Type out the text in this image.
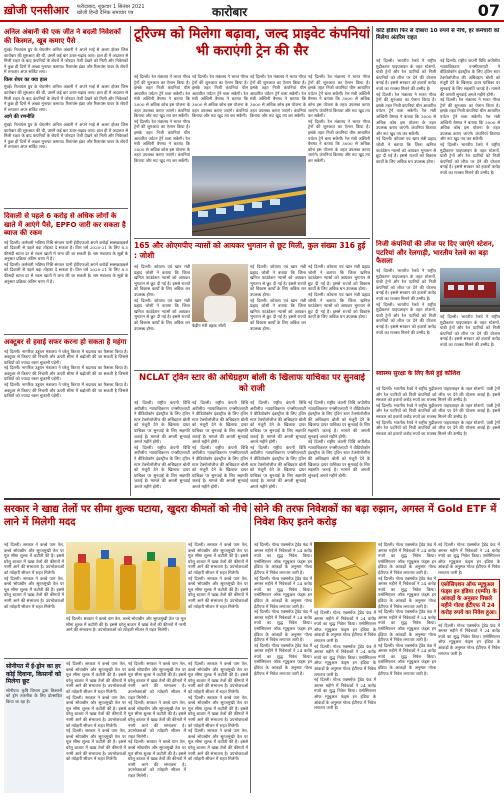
ख़ोजी एनसीआर फरीदाबाद, शुक्रवार 1 सितंबर 2021
खोजी हिन्दी दैनिक समाचार पत्र	कारोबार	07
अनिल अंबानी की एक जीत ने बदली निवेशकों की किस्मत, खूब कमाए पैसे
मुंबई। रिलायंस ग्रुप के चेयरमैन अनिल अंबानी ने अपने भाई से अलग होकर जिस कारोबार की शुरुआत की थी, उसमें कई बार उतार-चढ़ाव आए। हाल ही में अदालत से मिली राहत के बाद कंपनियों के शेयरों में जोरदार तेजी देखने को मिली और निवेशकों ने कुछ ही दिनों में अच्छा मुनाफा कमाया। रिलायंस इंफ्रा और रिलायंस पावर के शेयरों में लगातार अपर सर्किट लगा।
किस शेयर का क्या हाल
मुंबई। रिलायंस ग्रुप के चेयरमैन अनिल अंबानी ने अपने भाई से अलग होकर जिस कारोबार की शुरुआत की थी, उसमें कई बार उतार-चढ़ाव आए। हाल ही में अदालत से मिली राहत के बाद कंपनियों के शेयरों में जोरदार तेजी देखने को मिली और निवेशकों ने कुछ ही दिनों में अच्छा मुनाफा कमाया। रिलायंस इंफ्रा और रिलायंस पावर के शेयरों में लगातार अपर सर्किट लगा।
आगे की रणनीति
मुंबई। रिलायंस ग्रुप के चेयरमैन अनिल अंबानी ने अपने भाई से अलग होकर जिस कारोबार की शुरुआत की थी, उसमें कई बार उतार-चढ़ाव आए। हाल ही में अदालत से मिली राहत के बाद कंपनियों के शेयरों में जोरदार तेजी देखने को मिली और निवेशकों ने कुछ ही दिनों में अच्छा मुनाफा कमाया। रिलायंस इंफ्रा और रिलायंस पावर के शेयरों में लगातार अपर सर्किट लगा।
दिवाली से पहले 6 करोड़ से अधिक लोगों के खाते में आएंगे पैसे, EPFO जारी कर सकता है ब्याज की रकम
नई दिल्ली। कर्मचारी भविष्य निधि संगठन यानी ईपीएफओ अपने करोड़ों सब्सक्राइबर्स को दिवाली से पहले बड़ा तोहफा दे सकता है। वित्त वर्ष 2020-21 के लिए 8.5 फीसदी ब्याज दर से रकम खातों में जमा की जा सकती है। श्रम मंत्रालय के सूत्रों के अनुसार प्रक्रिया अंतिम चरण में है।
नई दिल्ली। कर्मचारी भविष्य निधि संगठन यानी ईपीएफओ अपने करोड़ों सब्सक्राइबर्स को दिवाली से पहले बड़ा तोहफा दे सकता है। वित्त वर्ष 2020-21 के लिए 8.5 फीसदी ब्याज दर से रकम खातों में जमा की जा सकती है। श्रम मंत्रालय के सूत्रों के अनुसार प्रक्रिया अंतिम चरण में है।
अक्टूबर से हवाई सफर करना हो सकता है महंगा
नई दिल्ली। नागरिक उड्डयन मंत्रालय ने घरेलू किराए में बदलाव का फैसला किया है। अक्टूबर से किराए की निचली और ऊपरी सीमा में बढ़ोतरी की जा सकती है जिससे यात्रियों को ज्यादा रकम चुकानी पड़ेगी।
नई दिल्ली। नागरिक उड्डयन मंत्रालय ने घरेलू किराए में बदलाव का फैसला किया है। अक्टूबर से किराए की निचली और ऊपरी सीमा में बढ़ोतरी की जा सकती है जिससे यात्रियों को ज्यादा रकम चुकानी पड़ेगी।
नई दिल्ली। नागरिक उड्डयन मंत्रालय ने घरेलू किराए में बदलाव का फैसला किया है। अक्टूबर से किराए की निचली और ऊपरी सीमा में बढ़ोतरी की जा सकती है जिससे यात्रियों को ज्यादा रकम चुकानी पड़ेगी।
टूरिज्म को मिलेगा बढ़ावा, जल्द प्राइवेट कंपनियां भी कराएंगी ट्रेन की सैर
नई दिल्ली। रेल मंत्रालय ने भारत गौरव ट्रेनों की शुरुआत का ऐलान किया है। इसके तहत निजी कंपनियां थीम आधारित पर्यटन ट्रेनें चला सकेंगी। रेल मंत्री अश्विनी वैष्णव ने बताया कि 3000 से अधिक कोच इस योजना के तहत उपलब्ध कराए जाएंगे। कंपनियां किराया और रूट खुद तय कर सकेंगी।
नई दिल्ली। रेल मंत्रालय ने भारत गौरव ट्रेनों की शुरुआत का ऐलान किया है। इसके तहत निजी कंपनियां थीम आधारित पर्यटन ट्रेनें चला सकेंगी। रेल मंत्री अश्विनी वैष्णव ने बताया कि 3000 से अधिक कोच इस योजना के तहत उपलब्ध कराए जाएंगे। कंपनियां किराया और रूट खुद तय कर सकेंगी।
नई दिल्ली। रेल मंत्रालय ने भारत गौरव ट्रेनों की शुरुआत का ऐलान किया है। इसके तहत निजी कंपनियां थीम आधारित पर्यटन ट्रेनें चला सकेंगी। रेल मंत्री अश्विनी वैष्णव ने बताया कि 3000 से अधिक कोच इस योजना के तहत उपलब्ध कराए जाएंगे। कंपनियां किराया और रूट खुद तय कर सकेंगी।
नई दिल्ली। रेल मंत्रालय ने भारत गौरव ट्रेनों की शुरुआत का ऐलान किया है। इसके तहत निजी कंपनियां थीम आधारित पर्यटन ट्रेनें चला सकेंगी। रेल मंत्री अश्विनी वैष्णव ने बताया कि 3000 से अधिक कोच इस योजना के तहत उपलब्ध कराए जाएंगे। कंपनियां किराया और रूट खुद तय कर सकेंगी।
नई दिल्ली। रेल मंत्रालय ने भारत गौरव ट्रेनों की शुरुआत का ऐलान किया है। इसके तहत निजी कंपनियां थीम आधारित पर्यटन ट्रेनें चला सकेंगी। रेल मंत्री अश्विनी वैष्णव ने बताया कि 3000 से अधिक कोच इस योजना के तहत उपलब्ध कराए जाएंगे। कंपनियां किराया और रूट खुद तय कर सकेंगी।
नई दिल्ली। रेल मंत्रालय ने भारत गौरव ट्रेनों की शुरुआत का ऐलान किया है। इसके तहत निजी कंपनियां थीम आधारित पर्यटन ट्रेनें चला सकेंगी। रेल मंत्री अश्विनी वैष्णव ने बताया कि 3000 से अधिक कोच इस योजना के तहत उपलब्ध कराए जाएंगे। कंपनियां किराया और रूट खुद तय कर सकेंगी।
165 और ओएमपीए न्यासों को आयकर भुगतान से छूट मिली, कुल संख्या 316 हुई : जोशी
नई दिल्ली। कोयला एवं खान मंत्री प्रह्लाद जोशी ने बताया कि जिला खनिज फाउंडेशन न्यासों को आयकर भुगतान से छूट दी गई है। इससे राज्यों को विकास कार्यों के लिए अधिक धन उपलब्ध होगा।
नई दिल्ली। कोयला एवं खान मंत्री प्रह्लाद जोशी ने बताया कि जिला खनिज फाउंडेशन न्यासों को आयकर भुगतान से छूट दी गई है। इससे राज्यों को विकास कार्यों के लिए अधिक धन उपलब्ध होगा।
केंद्रीय मंत्री प्रह्लाद जोशी
नई दिल्ली। कोयला एवं खान मंत्री प्रह्लाद जोशी ने बताया कि जिला खनिज फाउंडेशन न्यासों को आयकर भुगतान से छूट दी गई है। इससे राज्यों को विकास कार्यों के लिए अधिक धन उपलब्ध होगा।
नई दिल्ली। कोयला एवं खान मंत्री प्रह्लाद जोशी ने बताया कि जिला खनिज फाउंडेशन न्यासों को आयकर भुगतान से छूट दी गई है। इससे राज्यों को विकास कार्यों के लिए अधिक धन उपलब्ध होगा।
नई दिल्ली। कोयला एवं खान मंत्री प्रह्लाद जोशी ने बताया कि जिला खनिज फाउंडेशन न्यासों को आयकर भुगतान से छूट दी गई है। इससे राज्यों को विकास कार्यों के लिए अधिक धन उपलब्ध होगा।
नई दिल्ली। कोयला एवं खान मंत्री प्रह्लाद जोशी ने बताया कि जिला खनिज फाउंडेशन न्यासों को आयकर भुगतान से छूट दी गई है। इससे राज्यों को विकास कार्यों के लिए अधिक धन उपलब्ध होगा।
कोर्ट इंडिया फिर से दोबारा 10 रुपये से नीचे, हर कर्मचारी को मिलेगा अंतरिम राहत
नई दिल्ली। भारतीय रेलवे ने राष्ट्रीय मुद्रीकरण पाइपलाइन के तहत स्टेशनों, यात्री ट्रेनों और रेल पटरियों को निजी कंपनियों को लीज पर देने की योजना बनाई है। इससे सरकार को हजारों करोड़ रुपये का राजस्व मिलने की उम्मीद है।
नई दिल्ली। रेल मंत्रालय ने भारत गौरव ट्रेनों की शुरुआत का ऐलान किया है। इसके तहत निजी कंपनियां थीम आधारित पर्यटन ट्रेनें चला सकेंगी। रेल मंत्री अश्विनी वैष्णव ने बताया कि 3000 से अधिक कोच इस योजना के तहत उपलब्ध कराए जाएंगे। कंपनियां किराया और रूट खुद तय कर सकेंगी।
नई दिल्ली। कोयला एवं खान मंत्री प्रह्लाद जोशी ने बताया कि जिला खनिज फाउंडेशन न्यासों को आयकर भुगतान से छूट दी गई है। इससे राज्यों को विकास कार्यों के लिए अधिक धन उपलब्ध होगा।
नई दिल्ली। राष्ट्रीय कंपनी विधि अपीलीय न्यायाधिकरण एनसीएलएटी ने वीडियोकॉन इंडस्ट्रीज के लिए ट्विन स्टार टेक्नोलॉजीज की अधिग्रहण बोली को मंजूरी देने के खिलाफ दायर याचिका पर सुनवाई के लिए सहमति जताई है। मामले की अगली सुनवाई अगले महीने होगी।
नई दिल्ली। रेल मंत्रालय ने भारत गौरव ट्रेनों की शुरुआत का ऐलान किया है। इसके तहत निजी कंपनियां थीम आधारित पर्यटन ट्रेनें चला सकेंगी। रेल मंत्री अश्विनी वैष्णव ने बताया कि 3000 से अधिक कोच इस योजना के तहत उपलब्ध कराए जाएंगे। कंपनियां किराया और रूट खुद तय कर सकेंगी।
नई दिल्ली। भारतीय रेलवे ने राष्ट्रीय मुद्रीकरण पाइपलाइन के तहत स्टेशनों, यात्री ट्रेनों और रेल पटरियों को निजी कंपनियों को लीज पर देने की योजना बनाई है। इससे सरकार को हजारों करोड़ रुपये का राजस्व मिलने की उम्मीद है।
निजी कंपनियों की लीज पर दिए जाएंगे स्टेशन, पटरियां और रेलगाड़ी, भारतीय रेलवे का बड़ा फैसला
नई दिल्ली। भारतीय रेलवे ने राष्ट्रीय मुद्रीकरण पाइपलाइन के तहत स्टेशनों, यात्री ट्रेनों और रेल पटरियों को निजी कंपनियों को लीज पर देने की योजना बनाई है। इससे सरकार को हजारों करोड़ रुपये का राजस्व मिलने की उम्मीद है।
नई दिल्ली। भारतीय रेलवे ने राष्ट्रीय मुद्रीकरण पाइपलाइन के तहत स्टेशनों, यात्री ट्रेनों और रेल पटरियों को निजी कंपनियों को लीज पर देने की योजना बनाई है। इससे सरकार को हजारों करोड़ रुपये का राजस्व मिलने की उम्मीद है।
नई दिल्ली। भारतीय रेलवे ने राष्ट्रीय मुद्रीकरण पाइपलाइन के तहत स्टेशनों, यात्री ट्रेनों और रेल पटरियों को निजी कंपनियों को लीज पर देने की योजना बनाई है। इससे सरकार को हजारों करोड़ रुपये का राजस्व मिलने की उम्मीद है।
स्वास्थ्य सुरक्षा के लिए कैसे हुई कोशिश
नई दिल्ली। भारतीय रेलवे ने राष्ट्रीय मुद्रीकरण पाइपलाइन के तहत स्टेशनों, यात्री ट्रेनों और रेल पटरियों को निजी कंपनियों को लीज पर देने की योजना बनाई है। इससे सरकार को हजारों करोड़ रुपये का राजस्व मिलने की उम्मीद है।
नई दिल्ली। भारतीय रेलवे ने राष्ट्रीय मुद्रीकरण पाइपलाइन के तहत स्टेशनों, यात्री ट्रेनों और रेल पटरियों को निजी कंपनियों को लीज पर देने की योजना बनाई है। इससे सरकार को हजारों करोड़ रुपये का राजस्व मिलने की उम्मीद है।
नई दिल्ली। भारतीय रेलवे ने राष्ट्रीय मुद्रीकरण पाइपलाइन के तहत स्टेशनों, यात्री ट्रेनों और रेल पटरियों को निजी कंपनियों को लीज पर देने की योजना बनाई है। इससे सरकार को हजारों करोड़ रुपये का राजस्व मिलने की उम्मीद है।
NCLAT ट्विन स्टार की अधिग्रहण बोली के खिलाफ याचिका पर सुनवाई को राजी
नई दिल्ली। राष्ट्रीय कंपनी विधि अपीलीय न्यायाधिकरण एनसीएलएटी ने वीडियोकॉन इंडस्ट्रीज के लिए ट्विन स्टार टेक्नोलॉजीज की अधिग्रहण बोली को मंजूरी देने के खिलाफ दायर याचिका पर सुनवाई के लिए सहमति जताई है। मामले की अगली सुनवाई अगले महीने होगी।
नई दिल्ली। राष्ट्रीय कंपनी विधि अपीलीय न्यायाधिकरण एनसीएलएटी ने वीडियोकॉन इंडस्ट्रीज के लिए ट्विन स्टार टेक्नोलॉजीज की अधिग्रहण बोली को मंजूरी देने के खिलाफ दायर याचिका पर सुनवाई के लिए सहमति जताई है। मामले की अगली सुनवाई अगले महीने होगी।
नई दिल्ली। राष्ट्रीय कंपनी विधि अपीलीय न्यायाधिकरण एनसीएलएटी ने वीडियोकॉन इंडस्ट्रीज के लिए ट्विन स्टार टेक्नोलॉजीज की अधिग्रहण बोली को मंजूरी देने के खिलाफ दायर याचिका पर सुनवाई के लिए सहमति जताई है। मामले की अगली सुनवाई अगले महीने होगी।
नई दिल्ली। राष्ट्रीय कंपनी विधि अपीलीय न्यायाधिकरण एनसीएलएटी ने वीडियोकॉन इंडस्ट्रीज के लिए ट्विन स्टार टेक्नोलॉजीज की अधिग्रहण बोली को मंजूरी देने के खिलाफ दायर याचिका पर सुनवाई के लिए सहमति जताई है। मामले की अगली सुनवाई अगले महीने होगी।
नई दिल्ली। राष्ट्रीय कंपनी विधि अपीलीय न्यायाधिकरण एनसीएलएटी ने वीडियोकॉन इंडस्ट्रीज के लिए ट्विन स्टार टेक्नोलॉजीज की अधिग्रहण बोली को मंजूरी देने के खिलाफ दायर याचिका पर सुनवाई के लिए सहमति जताई है। मामले की अगली सुनवाई अगले महीने होगी।
नई दिल्ली। राष्ट्रीय कंपनी विधि अपीलीय न्यायाधिकरण एनसीएलएटी ने वीडियोकॉन इंडस्ट्रीज के लिए ट्विन स्टार टेक्नोलॉजीज की अधिग्रहण बोली को मंजूरी देने के खिलाफ दायर याचिका पर सुनवाई के लिए सहमति जताई है। मामले की अगली सुनवाई अगले महीने होगी।
नई दिल्ली। राष्ट्रीय कंपनी विधि अपीलीय न्यायाधिकरण एनसीएलएटी ने वीडियोकॉन इंडस्ट्रीज के लिए ट्विन स्टार टेक्नोलॉजीज की अधिग्रहण बोली को मंजूरी देने के खिलाफ दायर याचिका पर सुनवाई के लिए सहमति जताई है। मामले की अगली सुनवाई अगले महीने होगी।
नई दिल्ली। राष्ट्रीय कंपनी विधि अपीलीय न्यायाधिकरण एनसीएलएटी ने वीडियोकॉन इंडस्ट्रीज के लिए ट्विन स्टार टेक्नोलॉजीज की अधिग्रहण बोली को मंजूरी देने के खिलाफ दायर याचिका पर सुनवाई के लिए सहमति जताई है। मामले की अगली सुनवाई अगले महीने होगी।
सरकार ने खाद्य तेलों पर सीमा शुल्क घटाया, खुदरा कीमतों को नीचे लाने में मिलेगी मदद
नई दिल्ली। सरकार ने कच्चे पाम तेल, कच्चे सोयाबीन और सूरजमुखी तेल पर मूल सीमा शुल्क में कटौती की है। इससे घरेलू बाजार में खाद्य तेलों की कीमतों में नरमी आने की संभावना है। उपभोक्ताओं को त्योहारी सीजन में राहत मिलेगी।
नई दिल्ली। सरकार ने कच्चे पाम तेल, कच्चे सोयाबीन और सूरजमुखी तेल पर मूल सीमा शुल्क में कटौती की है। इससे घरेलू बाजार में खाद्य तेलों की कीमतों में नरमी आने की संभावना है। उपभोक्ताओं को त्योहारी सीजन में राहत मिलेगी।
नई दिल्ली। सरकार ने कच्चे पाम तेल, कच्चे सोयाबीन और सूरजमुखी तेल पर मूल सीमा शुल्क में कटौती की है। इससे घरेलू बाजार में खाद्य तेलों की कीमतों में नरमी आने की संभावना है। उपभोक्ताओं को त्योहारी सीजन में राहत मिलेगी।
नई दिल्ली। सरकार ने कच्चे पाम तेल, कच्चे सोयाबीन और सूरजमुखी तेल पर मूल सीमा शुल्क में कटौती की है। इससे घरेलू बाजार में खाद्य तेलों की कीमतों में नरमी आने की संभावना है। उपभोक्ताओं को त्योहारी सीजन में राहत मिलेगी।
नई दिल्ली। सरकार ने कच्चे पाम तेल, कच्चे सोयाबीन और सूरजमुखी तेल पर मूल सीमा शुल्क में कटौती की है। इससे घरेलू बाजार में खाद्य तेलों की कीमतों में नरमी आने की संभावना है। उपभोक्ताओं को त्योहारी सीजन में राहत मिलेगी।
सोने की तरफ निवेशकों का बढ़ा रुझान, अगस्त में Gold ETF में निवेश किए इतने करोड़
नई दिल्ली। गोल्ड एक्सचेंज ट्रेडेड फंड में अगस्त महीने में निवेशकों ने 24 करोड़ रुपये का शुद्ध निवेश किया। एसोसिएशन ऑफ म्यूचुअल फंड्स इन इंडिया के आंकड़ों के अनुसार गोल्ड ईटीएफ में निवेश लगातार जारी है।
नई दिल्ली। गोल्ड एक्सचेंज ट्रेडेड फंड में अगस्त महीने में निवेशकों ने 24 करोड़ रुपये का शुद्ध निवेश किया। एसोसिएशन ऑफ म्यूचुअल फंड्स इन इंडिया के आंकड़ों के अनुसार गोल्ड ईटीएफ में निवेश लगातार जारी है।
नई दिल्ली। गोल्ड एक्सचेंज ट्रेडेड फंड में अगस्त महीने में निवेशकों ने 24 करोड़ रुपये का शुद्ध निवेश किया। एसोसिएशन ऑफ म्यूचुअल फंड्स इन इंडिया के आंकड़ों के अनुसार गोल्ड ईटीएफ में निवेश लगातार जारी है।
नई दिल्ली। गोल्ड एक्सचेंज ट्रेडेड फंड में अगस्त महीने में निवेशकों ने 24 करोड़ रुपये का शुद्ध निवेश किया। एसोसिएशन ऑफ म्यूचुअल फंड्स इन इंडिया के आंकड़ों के अनुसार गोल्ड ईटीएफ में निवेश लगातार जारी है।
नई दिल्ली। गोल्ड एक्सचेंज ट्रेडेड फंड में अगस्त महीने में निवेशकों ने 24 करोड़ रुपये का शुद्ध निवेश किया। एसोसिएशन ऑफ म्यूचुअल फंड्स इन इंडिया के आंकड़ों के अनुसार गोल्ड ईटीएफ में निवेश लगातार जारी है।
नई दिल्ली। गोल्ड एक्सचेंज ट्रेडेड फंड में अगस्त महीने में निवेशकों ने 24 करोड़ रुपये का शुद्ध निवेश किया। एसोसिएशन ऑफ म्यूचुअल फंड्स इन इंडिया के आंकड़ों के अनुसार गोल्ड ईटीएफ में निवेश लगातार जारी है।
नई दिल्ली। गोल्ड एक्सचेंज ट्रेडेड फंड में अगस्त महीने में निवेशकों ने 24 करोड़ रुपये का शुद्ध निवेश किया। एसोसिएशन ऑफ म्यूचुअल फंड्स इन इंडिया के आंकड़ों के अनुसार गोल्ड ईटीएफ में निवेश लगातार जारी है।
नई दिल्ली। गोल्ड एक्सचेंज ट्रेडेड फंड में अगस्त महीने में निवेशकों ने 24 करोड़ रुपये का शुद्ध निवेश किया। एसोसिएशन ऑफ म्यूचुअल फंड्स इन इंडिया के आंकड़ों के अनुसार गोल्ड ईटीएफ में निवेश लगातार जारी है।
नई दिल्ली। गोल्ड एक्सचेंज ट्रेडेड फंड में अगस्त महीने में निवेशकों ने 24 करोड़ रुपये का शुद्ध निवेश किया। एसोसिएशन ऑफ म्यूचुअल फंड्स इन इंडिया के आंकड़ों के अनुसार गोल्ड ईटीएफ में निवेश लगातार जारी है।
नई दिल्ली। गोल्ड एक्सचेंज ट्रेडेड फंड में अगस्त महीने में निवेशकों ने 24 करोड़ रुपये का शुद्ध निवेश किया। एसोसिएशन ऑफ म्यूचुअल फंड्स इन इंडिया के आंकड़ों के अनुसार गोल्ड ईटीएफ में निवेश लगातार जारी है।
नई दिल्ली। गोल्ड एक्सचेंज ट्रेडेड फंड में अगस्त महीने में निवेशकों ने 24 करोड़ रुपये का शुद्ध निवेश किया। एसोसिएशन ऑफ म्यूचुअल फंड्स इन इंडिया के आंकड़ों के अनुसार गोल्ड ईटीएफ में निवेश लगातार जारी है।
नई दिल्ली। गोल्ड एक्सचेंज ट्रेडेड फंड में अगस्त महीने में निवेशकों ने 24 करोड़ रुपये का शुद्ध निवेश किया। एसोसिएशन ऑफ म्यूचुअल फंड्स इन इंडिया के आंकड़ों के अनुसार गोल्ड ईटीएफ में निवेश लगातार जारी है।
एसोसिएशन ऑफ म्यूचुअल फंड्स इन इंडिया (एम्फी) के आंकड़ों के अनुसार पिछले महीने गोल्ड ईटीएफ में 24 करोड़ रुपये का निवेश हुआ।
नई दिल्ली। गोल्ड एक्सचेंज ट्रेडेड फंड में अगस्त महीने में निवेशकों ने 24 करोड़ रुपये का शुद्ध निवेश किया। एसोसिएशन ऑफ म्यूचुअल फंड्स इन इंडिया के आंकड़ों के अनुसार गोल्ड ईटीएफ में निवेश लगातार जारी है।
सोनीपत में ई-ड्रोन का हर कोई दिवाना, किसानों को मिलेगा छूट
सोनीपत। कृषि विभाग द्वारा किसानों को ड्रोन तकनीक के लिए प्रोत्साहित किया जा रहा है।
नई दिल्ली। सरकार ने कच्चे पाम तेल, कच्चे सोयाबीन और सूरजमुखी तेल पर मूल सीमा शुल्क में कटौती की है। इससे घरेलू बाजार में खाद्य तेलों की कीमतों में नरमी आने की संभावना है। उपभोक्ताओं को त्योहारी सीजन में राहत मिलेगी।
नई दिल्ली। सरकार ने कच्चे पाम तेल, कच्चे सोयाबीन और सूरजमुखी तेल पर मूल सीमा शुल्क में कटौती की है। इससे घरेलू बाजार में खाद्य तेलों की कीमतों में नरमी आने की संभावना है। उपभोक्ताओं को त्योहारी सीजन में राहत मिलेगी।
नई दिल्ली। सरकार ने कच्चे पाम तेल, कच्चे सोयाबीन और सूरजमुखी तेल पर मूल सीमा शुल्क में कटौती की है। इससे घरेलू बाजार में खाद्य तेलों की कीमतों में नरमी आने की संभावना है। उपभोक्ताओं को त्योहारी सीजन में राहत मिलेगी।
नई दिल्ली। सरकार ने कच्चे पाम तेल, कच्चे सोयाबीन और सूरजमुखी तेल पर मूल सीमा शुल्क में कटौती की है। इससे घरेलू बाजार में खाद्य तेलों की कीमतों में नरमी आने की संभावना है। उपभोक्ताओं को त्योहारी सीजन में राहत मिलेगी।
नई दिल्ली। सरकार ने कच्चे पाम तेल, कच्चे सोयाबीन और सूरजमुखी तेल पर मूल सीमा शुल्क में कटौती की है। इससे घरेलू बाजार में खाद्य तेलों की कीमतों में नरमी आने की संभावना है। उपभोक्ताओं को त्योहारी सीजन में राहत मिलेगी।
नई दिल्ली। सरकार ने कच्चे पाम तेल, कच्चे सोयाबीन और सूरजमुखी तेल पर मूल सीमा शुल्क में कटौती की है। इससे घरेलू बाजार में खाद्य तेलों की कीमतों में नरमी आने की संभावना है। उपभोक्ताओं को त्योहारी सीजन में राहत मिलेगी।
नई दिल्ली। सरकार ने कच्चे पाम तेल, कच्चे सोयाबीन और सूरजमुखी तेल पर मूल सीमा शुल्क में कटौती की है। इससे घरेलू बाजार में खाद्य तेलों की कीमतों में नरमी आने की संभावना है। उपभोक्ताओं को त्योहारी सीजन में राहत मिलेगी।
नई दिल्ली। सरकार ने कच्चे पाम तेल, कच्चे सोयाबीन और सूरजमुखी तेल पर मूल सीमा शुल्क में कटौती की है। इससे घरेलू बाजार में खाद्य तेलों की कीमतों में नरमी आने की संभावना है। उपभोक्ताओं को त्योहारी सीजन में राहत मिलेगी।
नई दिल्ली। सरकार ने कच्चे पाम तेल, कच्चे सोयाबीन और सूरजमुखी तेल पर मूल सीमा शुल्क में कटौती की है। इससे घरेलू बाजार में खाद्य तेलों की कीमतों में नरमी आने की संभावना है। उपभोक्ताओं को त्योहारी सीजन में राहत मिलेगी।
